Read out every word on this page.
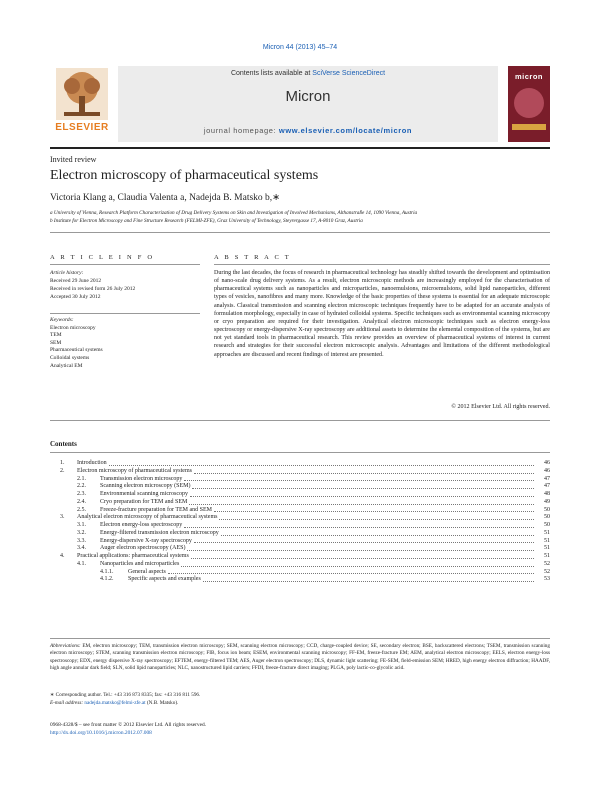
Micron 44 (2013) 45–74
ELSEVIER
Contents lists available at SciVerse ScienceDirect
Micron
journal homepage: www.elsevier.com/locate/micron
micron
Invited review
Electron microscopy of pharmaceutical systems
Victoria Klang a, Claudia Valenta a, Nadejda B. Matsko b,∗
a University of Vienna, Research Platform Characterization of Drug Delivery Systems on Skin and Investigation of Involved Mechanisms, Althanstraße 14, 1090 Vienna, Austria
b Institute for Electron Microscopy and Fine Structure Research (FELMI-ZFE), Graz University of Technology, Steyrergasse 17, A-8010 Graz, Austria
A R T I C L E I N F O	A B S T R A C T
Article history:
Received 29 June 2012
Received in revised form 26 July 2012
Accepted 30 July 2012
Keywords:
Electron microscopy
TEM
SEM
Pharmaceutical systems
Colloidal systems
Analytical EM
During the last decades, the focus of research in pharmaceutical technology has steadily shifted towards the development and optimisation of nano-scale drug delivery systems. As a result, electron microscopic methods are increasingly employed for the characterisation of pharmaceutical systems such as nanoparticles and microparticles, nanoemulsions, microemulsions, solid lipid nanoparticles, different types of vesicles, nanofibres and many more. Knowledge of the basic properties of these systems is essential for an adequate microscopic analysis. Classical transmission and scanning electron microscopic techniques frequently have to be adapted for an accurate analysis of formulation morphology, especially in case of hydrated colloidal systems. Specific techniques such as environmental scanning microscopy or cryo preparation are required for their investigation. Analytical electron microscopic techniques such as electron energy-loss spectroscopy or energy-dispersive X-ray spectroscopy are additional assets to determine the elemental composition of the systems, but are not yet standard tools in pharmaceutical research. This review provides an overview of pharmaceutical systems of interest in current research and strategies for their successful electron microscopic analysis. Advantages and limitations of the different methodological approaches are discussed and recent findings of interest are presented.
© 2012 Elsevier Ltd. All rights reserved.
Contents
1.	Introduction	46
2.	Electron microscopy of pharmaceutical systems	46
2.1.	Transmission electron microscopy	47
2.2.	Scanning electron microscopy (SEM)	47
2.3.	Environmental scanning microscopy	48
2.4.	Cryo preparation for TEM and SEM	49
2.5.	Freeze-fracture preparation for TEM and SEM	50
3.	Analytical electron microscopy of pharmaceutical systems	50
3.1.	Electron energy-loss spectroscopy	50
3.2.	Energy-filtered transmission electron microscopy	51
3.3.	Energy-dispersive X-ray spectroscopy	51
3.4.	Auger electron spectroscopy (AES)	51
4.	Practical applications: pharmaceutical systems	51
4.1.	Nanoparticles and microparticles	52
4.1.1.	General aspects	52
4.1.2.	Specific aspects and examples	53
Abbreviations: EM, electron microscopy; TEM, transmission electron microscopy; SEM, scanning electron microscopy; CCD, charge-coupled device; SE, secondary electron; BSE, backscattered electrons; TSEM, transmission scanning electron microscopy; STEM, scanning transmission electron microscopy; FIB, focus ion beam; ESEM, environmental scanning microscopy; FF-EM, freeze-fracture EM; AEM, analytical electron microscopy; EELS, electron energy-loss spectroscopy; EDX, energy dispersive X-ray spectroscopy; EFTEM, energy-filtered TEM; AES, Auger electron spectroscopy; DLS, dynamic light scattering; FE-SEM, field-emission SEM; HRED, high energy electron diffraction; HAADF, high angle annular dark field; SLN, solid lipid nanoparticles; NLC, nanostructured lipid carriers; FFDI, freeze-fracture direct imaging; PLGA, poly lactic-co-glycolic acid.
∗ Corresponding author. Tel.: +43 316 873 8335; fax: +43 316 811 596.
E-mail address: nadejda.matsko@felmi-zfe.at (N.B. Matsko).
0968-4328/$ – see front matter © 2012 Elsevier Ltd. All rights reserved.
http://dx.doi.org/10.1016/j.micron.2012.07.008
